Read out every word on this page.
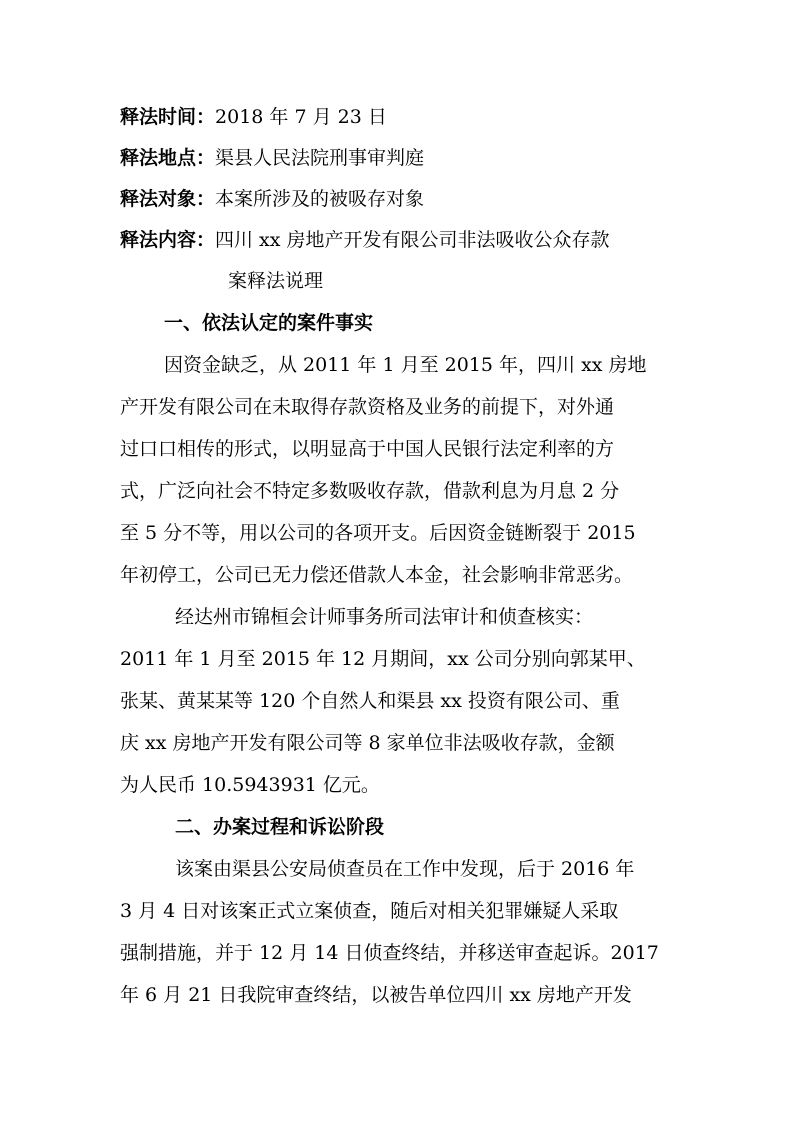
释法时间：2018 年 7 月 23 日
释法地点：渠县人民法院刑事审判庭
释法对象：本案所涉及的被吸存对象
释法内容：四川 xx 房地产开发有限公司非法吸收公众存款
案释法说理
一、依法认定的案件事实
因资金缺乏，从 2011 年 1 月至 2015 年，四川 xx 房地
产开发有限公司在未取得存款资格及业务的前提下，对外通
过口口相传的形式，以明显高于中国人民银行法定利率的方
式，广泛向社会不特定多数吸收存款，借款利息为月息 2 分
至 5 分不等，用以公司的各项开支。后因资金链断裂于 2015
年初停工，公司已无力偿还借款人本金，社会影响非常恶劣。
经达州市锦桓会计师事务所司法审计和侦查核实：
2011 年 1 月至 2015 年 12 月期间，xx 公司分别向郭某甲、
张某、黄某某等 120 个自然人和渠县 xx 投资有限公司、重
庆 xx 房地产开发有限公司等 8 家单位非法吸收存款，金额
为人民币 10.5943931 亿元。
二、办案过程和诉讼阶段
该案由渠县公安局侦查员在工作中发现，后于 2016 年
3 月 4 日对该案正式立案侦查，随后对相关犯罪嫌疑人采取
强制措施，并于 12 月 14 日侦查终结，并移送审查起诉。2017
年 6 月 21 日我院审查终结，以被告单位四川 xx 房地产开发
